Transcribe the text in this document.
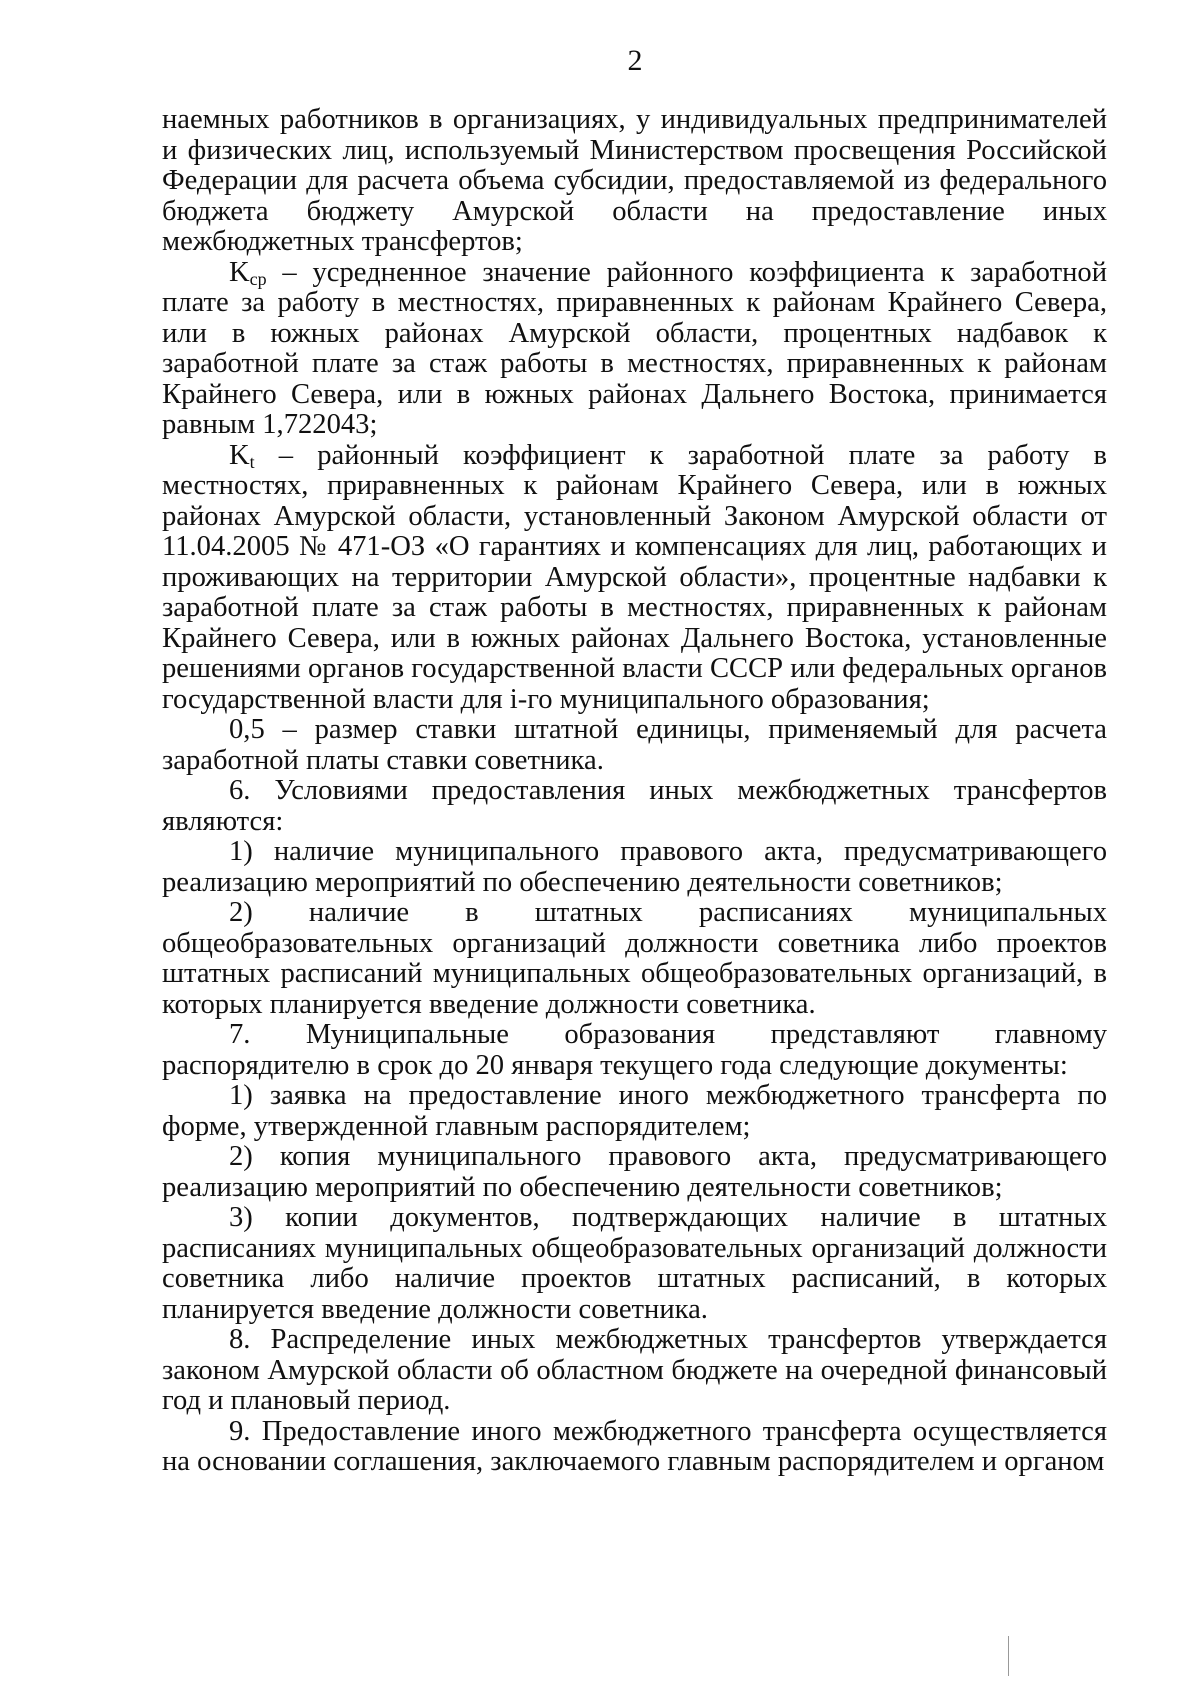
2

наемных работников в организациях, у индивидуальных предпринимателей и физических лиц, используемый Министерством просвещения Российской Федерации для расчета объема субсидии, предоставляемой из федерального бюджета бюджету Амурской области на предоставление иных межбюджетных трансфертов;

$K_{ср}$ – усредненное значение районного коэффициента к заработной плате за работу в местностях, приравненных к районам Крайнего Севера, или в южных районах Амурской области, процентных надбавок к заработной плате за стаж работы в местностях, приравненных к районам Крайнего Севера, или в южных районах Дальнего Востока, принимается равным 1,722043;

$K_t$ – районный коэффициент к заработной плате за работу в местностях, приравненных к районам Крайнего Севера, или в южных районах Амурской области, установленный Законом Амурской области от 11.04.2005 № 471-ОЗ «О гарантиях и компенсациях для лиц, работающих и проживающих на территории Амурской области», процентные надбавки к заработной плате за стаж работы в местностях, приравненных к районам Крайнего Севера, или в южных районах Дальнего Востока, установленные решениями органов государственной власти СССР или федеральных органов государственной власти для i-го муниципального образования;

0,5 – размер ставки штатной единицы, применяемый для расчета заработной платы ставки советника.

6. Условиями предоставления иных межбюджетных трансфертов являются:

1) наличие муниципального правового акта, предусматривающего реализацию мероприятий по обеспечению деятельности советников;

2) наличие в штатных расписаниях муниципальных общеобразовательных организаций должности советника либо проектов штатных расписаний муниципальных общеобразовательных организаций, в которых планируется введение должности советника.

7. Муниципальные образования представляют главному распорядителю в срок до 20 января текущего года следующие документы:

1) заявка на предоставление иного межбюджетного трансферта по форме, утвержденной главным распорядителем;

2) копия муниципального правового акта, предусматривающего реализацию мероприятий по обеспечению деятельности советников;

3) копии документов, подтверждающих наличие в штатных расписаниях муниципальных общеобразовательных организаций должности советника либо наличие проектов штатных расписаний, в которых планируется введение должности советника.

8. Распределение иных межбюджетных трансфертов утверждается законом Амурской области об областном бюджете на очередной финансовый год и плановый период.

9. Предоставление иного межбюджетного трансферта осуществляется на основании соглашения, заключаемого главным распорядителем и органом
